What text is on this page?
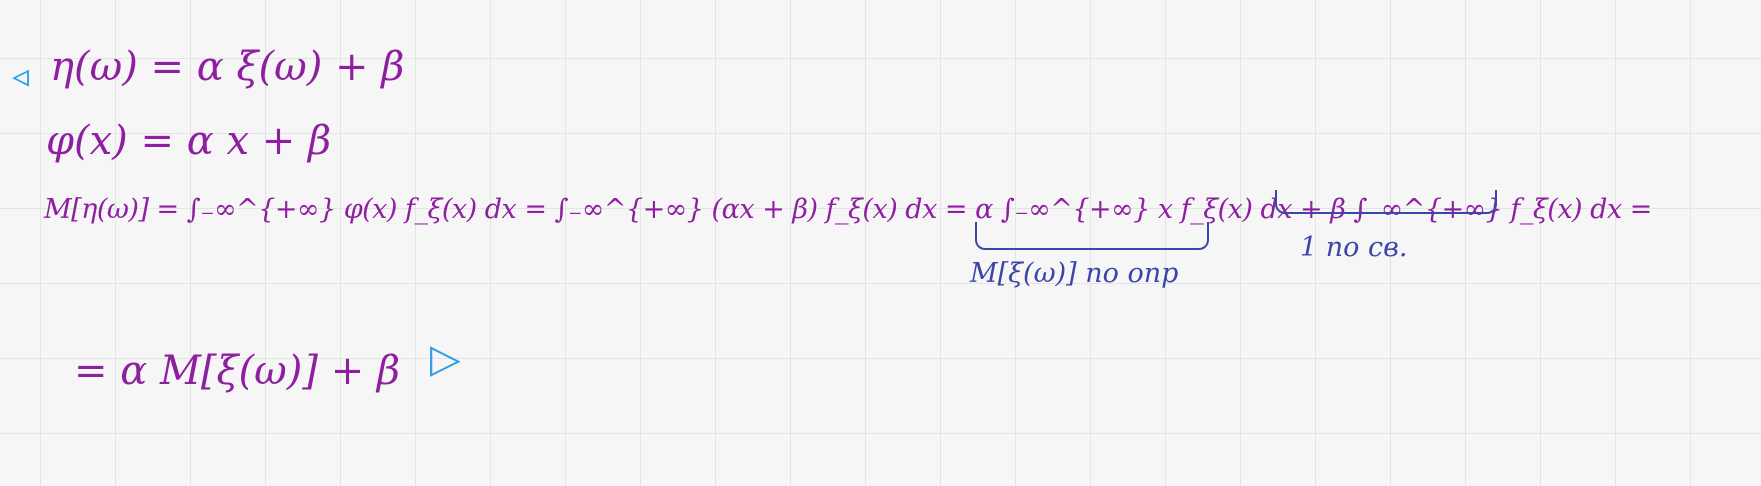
◃ η(ω) = α ξ(ω) + β
φ(x) = α x + β
M[η(ω)] = ∫₋∞^{+∞} φ(x) f_ξ(x) dx = ∫₋∞^{+∞} (αx + β) f_ξ(x) dx = α ∫₋∞^{+∞} x f_ξ(x) dx + β ∫₋∞^{+∞} f_ξ(x) dx =
M[ξ(ω)] по опр
1 по св.
= α M[ξ(ω)] + β ▷
